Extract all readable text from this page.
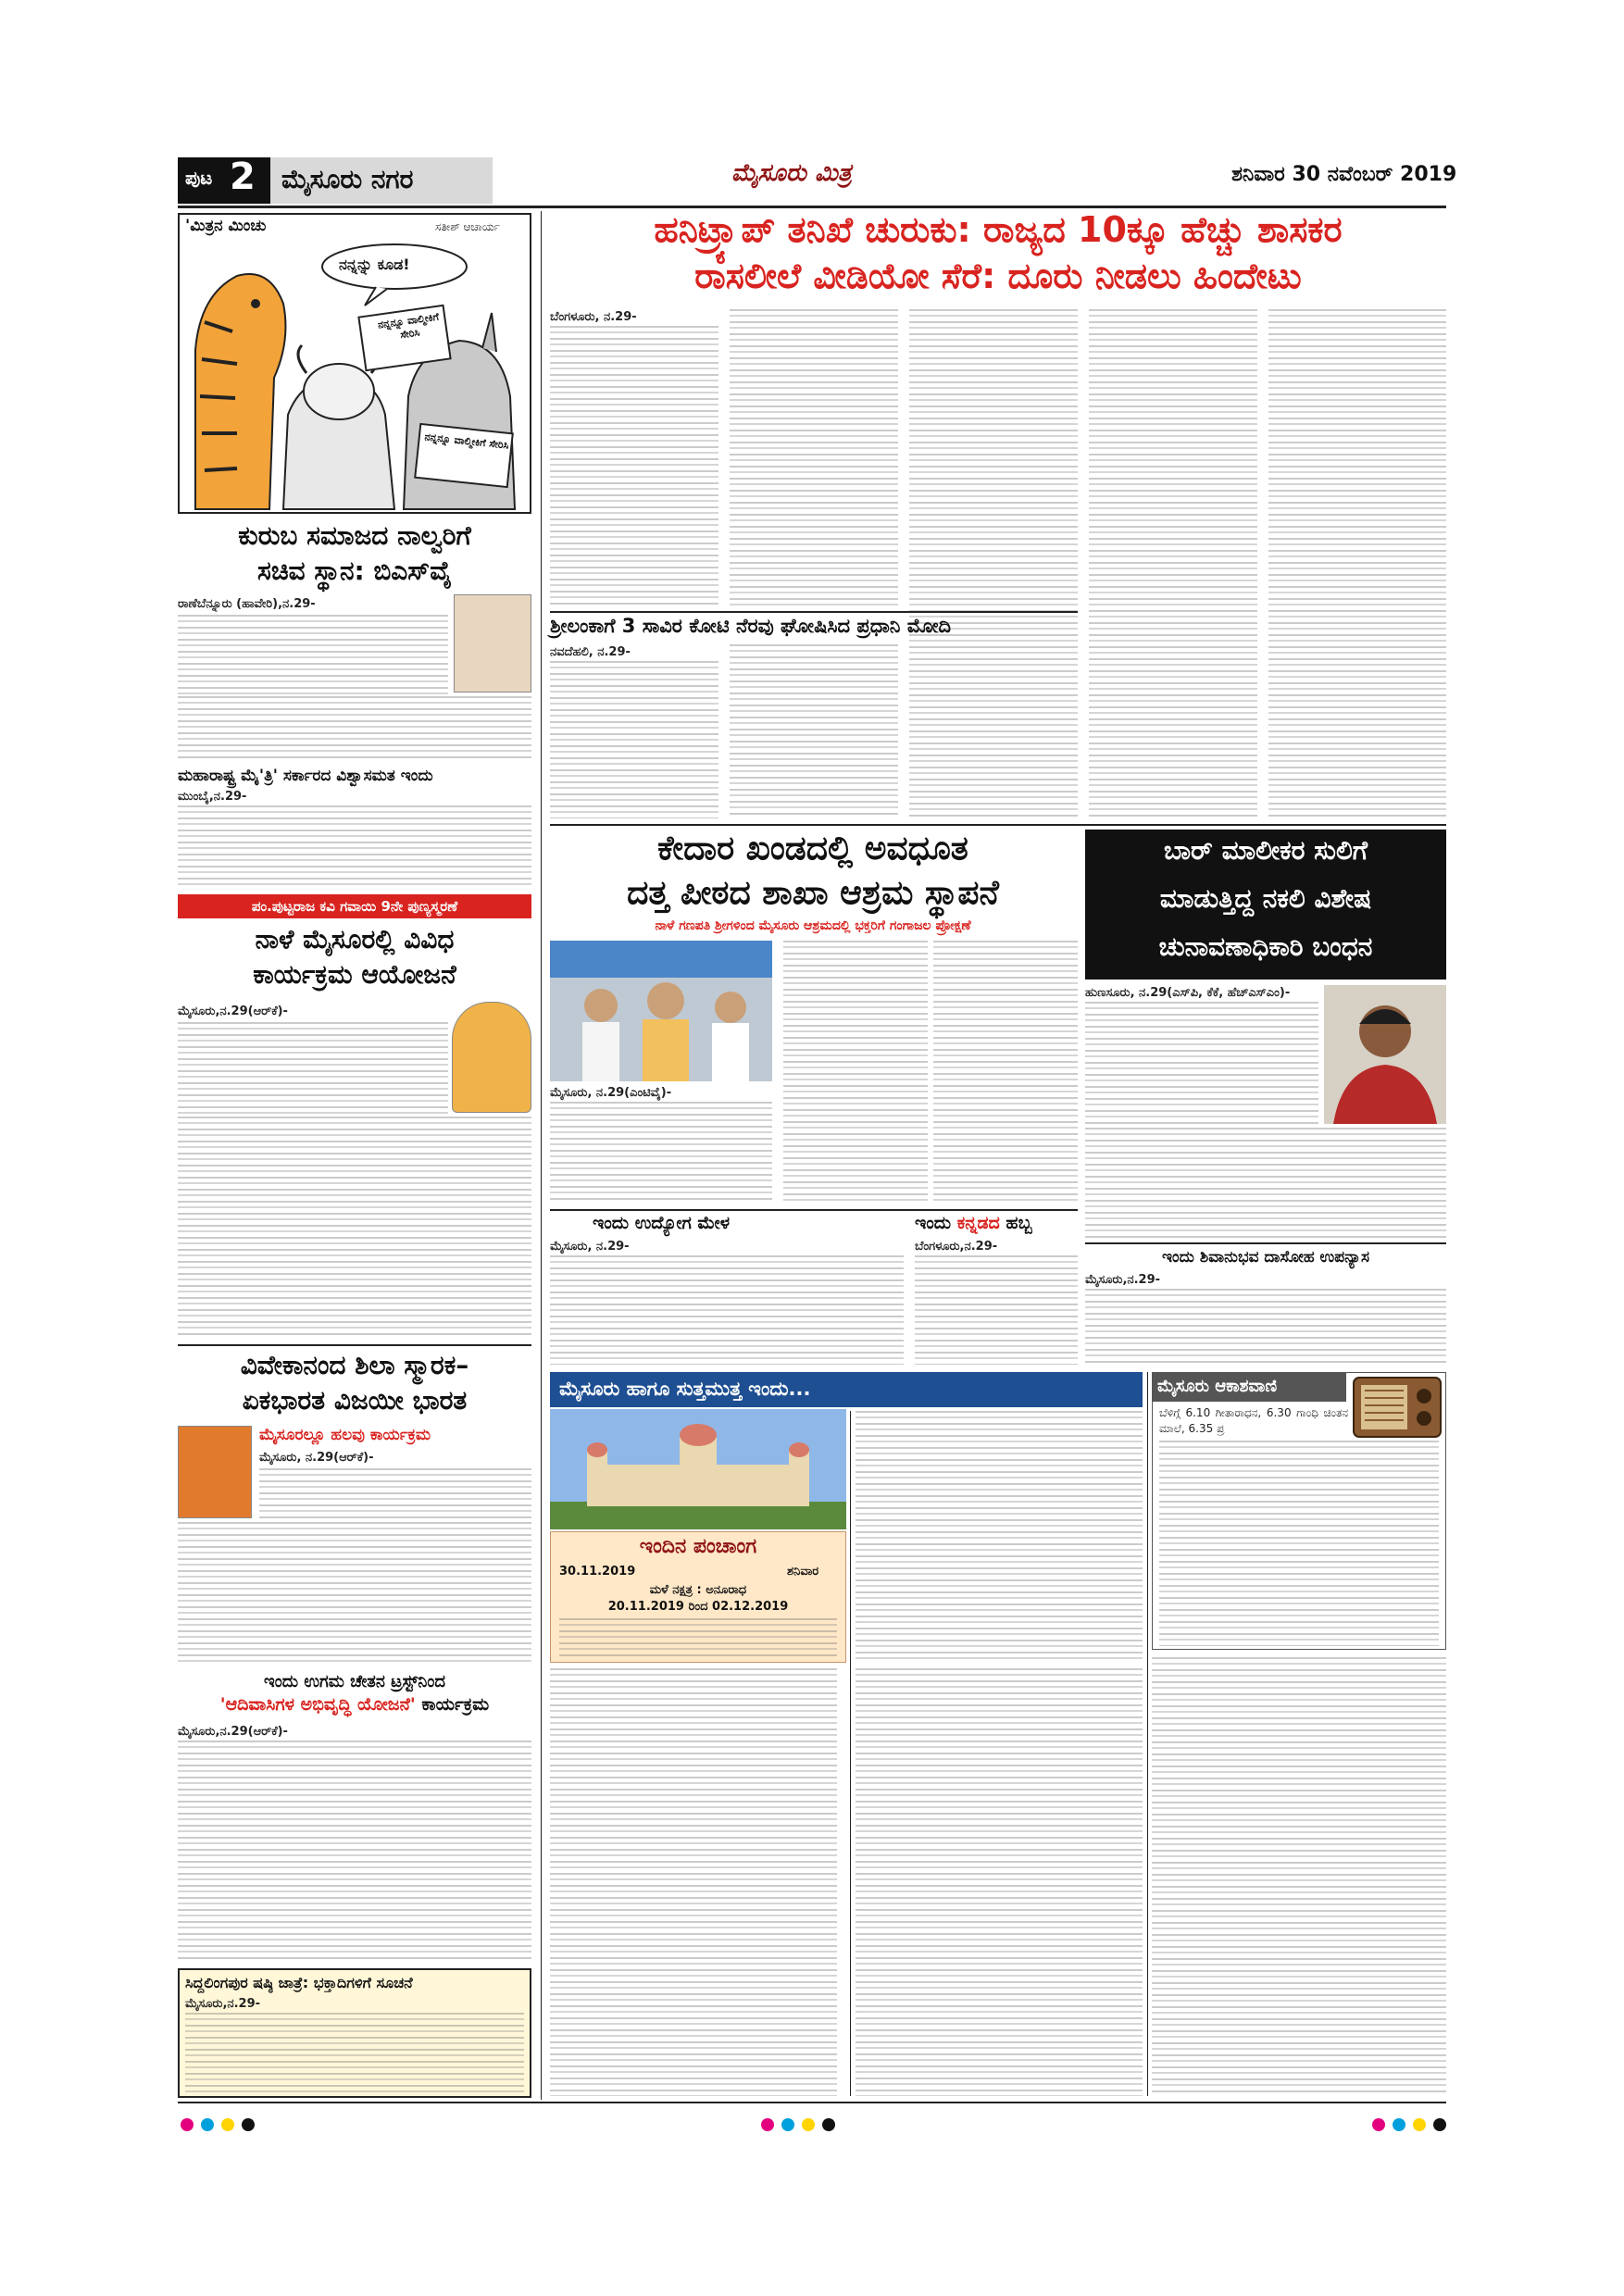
ಪುಟ 2 ಮೈಸೂರು ನಗರ	ಮೈಸೂರು ಮಿತ್ರ	ಶನಿವಾರ 30 ನವೆಂಬರ್ 2019
'ಮಿತ್ರನ ಮಿಂಚು	ಸತೀಶ್ ಆಚಾರ್ಯ
ನನ್ನನ್ನು ಕೂಡ!
ನನ್ನನ್ನೂ ವಾಲ್ಮೀಕಿಗೆ ಸೇರಿಸಿ
ನನ್ನನ್ನೂ ವಾಲ್ಮೀಕಿಗೆ ಸೇರಿಸಿ
ಕುರುಬ ಸಮಾಜದ ನಾಲ್ವರಿಗೆ
ಸಚಿವ ಸ್ಥಾನ: ಬಿಎಸ್‌ವೈ
ರಾಣೆಬೆನ್ನೂರು (ಹಾವೇರಿ),ನ.29-
ಮಹಾರಾಷ್ಟ್ರ ಮೈ'ತ್ರಿ' ಸರ್ಕಾರದ ವಿಶ್ವಾಸಮತ ಇಂದು
ಮುಂಬೈ,ನ.29-
ಪಂ.ಪುಟ್ಟರಾಜ ಕವಿ ಗವಾಯಿ 9ನೇ ಪುಣ್ಯಸ್ಮರಣೆ
ನಾಳೆ ಮೈಸೂರಲ್ಲಿ ವಿವಿಧ
ಕಾರ್ಯಕ್ರಮ ಆಯೋಜನೆ
ಮೈಸೂರು,ನ.29(ಆರ್‌ಕೆ)-
ವಿವೇಕಾನಂದ ಶಿಲಾ ಸ್ಮಾರಕ–
ಏಕಭಾರತ ವಿಜಯೀ ಭಾರತ
ಮೈಸೂರಲ್ಲೂ ಹಲವು ಕಾರ್ಯಕ್ರಮ
ಮೈಸೂರು, ನ.29(ಆರ್‌ಕೆ)-
ಇಂದು ಉಗಮ ಚೇತನ ಟ್ರಸ್ಟ್‌ನಿಂದ
'ಆದಿವಾಸಿಗಳ ಅಭಿವೃದ್ಧಿ ಯೋಜನೆ' ಕಾರ್ಯಕ್ರಮ
ಮೈಸೂರು,ನ.29(ಆರ್‌ಕೆ)-
ಸಿದ್ದಲಿಂಗಪುರ ಷಷ್ಠಿ ಜಾತ್ರೆ: ಭಕ್ತಾದಿಗಳಿಗೆ ಸೂಚನೆ
ಮೈಸೂರು,ನ.29-
ಹನಿಟ್ರ್ಯಾಪ್ ತನಿಖೆ ಚುರುಕು: ರಾಜ್ಯದ 10ಕ್ಕೂ ಹೆಚ್ಚು ಶಾಸಕರ
ರಾಸಲೀಲೆ ವೀಡಿಯೋ ಸೆರೆ: ದೂರು ನೀಡಲು ಹಿಂದೇಟು
ಬೆಂಗಳೂರು, ನ.29-
ಶ್ರೀಲಂಕಾಗೆ 3 ಸಾವಿರ ಕೋಟಿ ನೆರವು ಘೋಷಿಸಿದ ಪ್ರಧಾನಿ ಮೋದಿ
ನವದೆಹಲಿ, ನ.29-
ಕೇದಾರ ಖಂಡದಲ್ಲಿ ಅವಧೂತ
ದತ್ತ ಪೀಠದ ಶಾಖಾ ಆಶ್ರಮ ಸ್ಥಾಪನೆ
ನಾಳೆ ಗಣಪತಿ ಶ್ರೀಗಳಿಂದ ಮೈಸೂರು ಆಶ್ರಮದಲ್ಲಿ ಭಕ್ತರಿಗೆ ಗಂಗಾಜಲ ಪ್ರೋಕ್ಷಣೆ
ಮೈಸೂರು, ನ.29(ಎಂಟಿವೈ)-
ಬಾರ್ ಮಾಲೀಕರ ಸುಲಿಗೆ
ಮಾಡುತ್ತಿದ್ದ ನಕಲಿ ವಿಶೇಷ
ಚುನಾವಣಾಧಿಕಾರಿ ಬಂಧನ
ಹುಣಸೂರು, ನ.29(ಎಸ್‌ಪಿ, ಕೆಕೆ, ಹೆಚ್‌ಎಸ್‌ಎಂ)-
ಇಂದು ಉದ್ಯೋಗ ಮೇಳ
ಮೈಸೂರು, ನ.29-
ಇಂದು ಕನ್ನಡದ ಹಬ್ಬ
ಬೆಂಗಳೂರು,ನ.29-
ಇಂದು ಶಿವಾನುಭವ ದಾಸೋಹ ಉಪನ್ಯಾಸ
ಮೈಸೂರು,ನ.29-
ಮೈಸೂರು ಹಾಗೂ ಸುತ್ತಮುತ್ತ ಇಂದು...
ಇಂದಿನ ಪಂಚಾಂಗ
30.11.2019	ಶನಿವಾರ
ಮಳೆ ನಕ್ಷತ್ರ : ಅನೂರಾಧ
20.11.2019 ರಿಂದ 02.12.2019
ಮೈಸೂರು ಆಕಾಶವಾಣಿ
ಬೆಳಿಗ್ಗೆ 6.10 ಗೀತಾರಾಧನ, 6.30 ಗಾಂಧಿ ಚಿಂತನ ಮಾಲೆ, 6.35 ಪ್ರ
